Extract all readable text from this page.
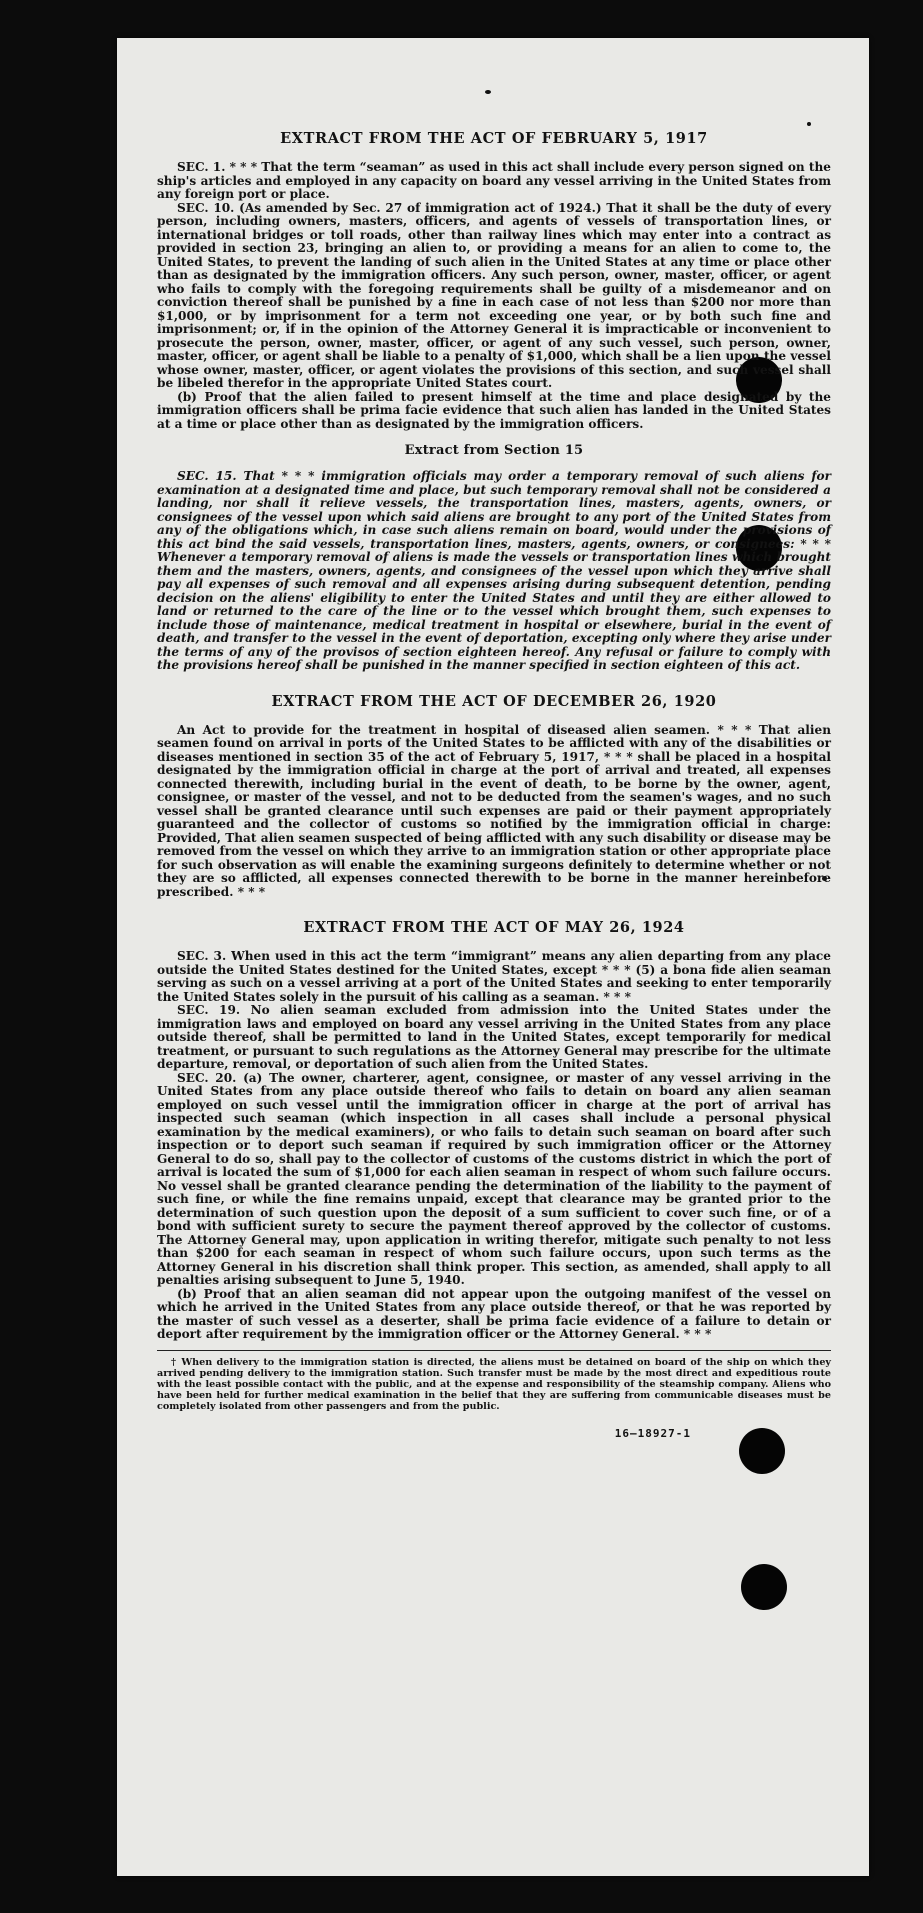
EXTRACT FROM THE ACT OF FEBRUARY 5, 1917

SEC. 1. * * * That the term “seaman” as used in this act shall include every person signed on the ship's articles and employed in any capacity on board any vessel arriving in the United States from any foreign port or place.

SEC. 10. (As amended by Sec. 27 of immigration act of 1924.) That it shall be the duty of every person, including owners, masters, officers, and agents of vessels of transportation lines, or international bridges or toll roads, other than railway lines which may enter into a contract as provided in section 23, bringing an alien to, or providing a means for an alien to come to, the United States, to prevent the landing of such alien in the United States at any time or place other than as designated by the immigration officers. Any such person, owner, master, officer, or agent who fails to comply with the foregoing requirements shall be guilty of a misdemeanor and on conviction thereof shall be punished by a fine in each case of not less than $200 nor more than $1,000, or by imprisonment for a term not exceeding one year, or by both such fine and imprisonment; or, if in the opinion of the Attorney General it is impracticable or inconvenient to prosecute the person, owner, master, officer, or agent of any such vessel, such person, owner, master, officer, or agent shall be liable to a penalty of $1,000, which shall be a lien upon the vessel whose owner, master, officer, or agent violates the provisions of this section, and such vessel shall be libeled therefor in the appropriate United States court.

(b) Proof that the alien failed to present himself at the time and place designated by the immigration officers shall be prima facie evidence that such alien has landed in the United States at a time or place other than as designated by the immigration officers.

Extract from Section 15

SEC. 15. That * * * immigration officials may order a temporary removal of such aliens for examination at a designated time and place, but such temporary removal shall not be considered a landing, nor shall it relieve vessels, the transportation lines, masters, agents, owners, or consignees of the vessel upon which said aliens are brought to any port of the United States from any of the obligations which, in case such aliens remain on board, would under the provisions of this act bind the said vessels, transportation lines, masters, agents, owners, or consignees: * * * Whenever a temporary removal of aliens is made the vessels or transportation lines which brought them and the masters, owners, agents, and consignees of the vessel upon which they arrive shall pay all expenses of such removal and all expenses arising during subsequent detention, pending decision on the aliens' eligibility to enter the United States and until they are either allowed to land or returned to the care of the line or to the vessel which brought them, such expenses to include those of maintenance, medical treatment in hospital or elsewhere, burial in the event of death, and transfer to the vessel in the event of deportation, excepting only where they arise under the terms of any of the provisos of section eighteen hereof. Any refusal or failure to comply with the provisions hereof shall be punished in the manner specified in section eighteen of this act.

EXTRACT FROM THE ACT OF DECEMBER 26, 1920

An Act to provide for the treatment in hospital of diseased alien seamen. * * * That alien seamen found on arrival in ports of the United States to be afflicted with any of the disabilities or diseases mentioned in section 35 of the act of February 5, 1917, * * * shall be placed in a hospital designated by the immigration official in charge at the port of arrival and treated, all expenses connected therewith, including burial in the event of death, to be borne by the owner, agent, consignee, or master of the vessel, and not to be deducted from the seamen's wages, and no such vessel shall be granted clearance until such expenses are paid or their payment appropriately guaranteed and the collector of customs so notified by the immigration official in charge: Provided, That alien seamen suspected of being afflicted with any such disability or disease may be removed from the vessel on which they arrive to an immigration station or other appropriate place for such observation as will enable the examining surgeons definitely to determine whether or not they are so afflicted, all expenses connected therewith to be borne in the manner hereinbefore prescribed. * * *

EXTRACT FROM THE ACT OF MAY 26, 1924

SEC. 3. When used in this act the term “immigrant” means any alien departing from any place outside the United States destined for the United States, except * * * (5) a bona fide alien seaman serving as such on a vessel arriving at a port of the United States and seeking to enter temporarily the United States solely in the pursuit of his calling as a seaman. * * *

SEC. 19. No alien seaman excluded from admission into the United States under the immigration laws and employed on board any vessel arriving in the United States from any place outside thereof, shall be permitted to land in the United States, except temporarily for medical treatment, or pursuant to such regulations as the Attorney General may prescribe for the ultimate departure, removal, or deportation of such alien from the United States.

SEC. 20. (a) The owner, charterer, agent, consignee, or master of any vessel arriving in the United States from any place outside thereof who fails to detain on board any alien seaman employed on such vessel until the immigration officer in charge at the port of arrival has inspected such seaman (which inspection in all cases shall include a personal physical examination by the medical examiners), or who fails to detain such seaman on board after such inspection or to deport such seaman if required by such immigration officer or the Attorney General to do so, shall pay to the collector of customs of the customs district in which the port of arrival is located the sum of $1,000 for each alien seaman in respect of whom such failure occurs. No vessel shall be granted clearance pending the determination of the liability to the payment of such fine, or while the fine remains unpaid, except that clearance may be granted prior to the determination of such question upon the deposit of a sum sufficient to cover such fine, or of a bond with sufficient surety to secure the payment thereof approved by the collector of customs. The Attorney General may, upon application in writing therefor, mitigate such penalty to not less than $200 for each seaman in respect of whom such failure occurs, upon such terms as the Attorney General in his discretion shall think proper. This section, as amended, shall apply to all penalties arising subsequent to June 5, 1940.

(b) Proof that an alien seaman did not appear upon the outgoing manifest of the vessel on which he arrived in the United States from any place outside thereof, or that he was reported by the master of such vessel as a deserter, shall be prima facie evidence of a failure to detain or deport after requirement by the immigration officer or the Attorney General. * * *

† When delivery to the immigration station is directed, the aliens must be detained on board of the ship on which they arrived pending delivery to the immigration station. Such transfer must be made by the most direct and expeditious route with the least possible contact with the public, and at the expense and responsibility of the steamship company. Aliens who have been held for further medical examination in the belief that they are suffering from communicable diseases must be completely isolated from other passengers and from the public.

16—18927-1
